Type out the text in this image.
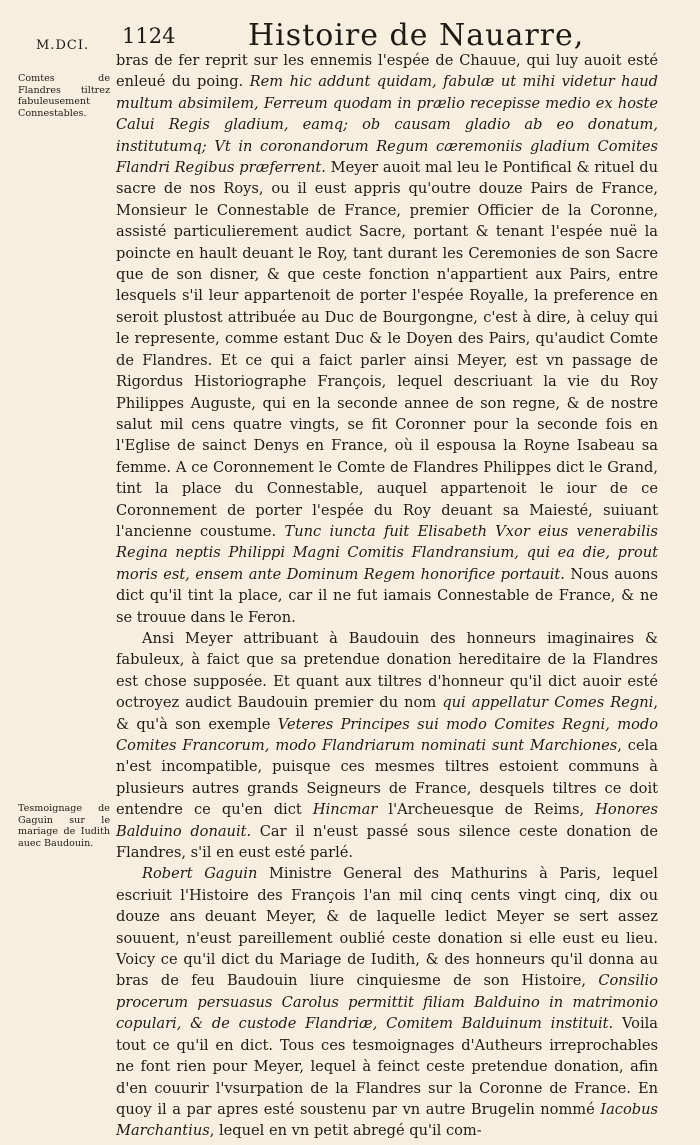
M.DCI. 1124 Histoire de Nauarre,
Comtes de Flandres tiltrez fabuleusement Connestables.
Tesmoignage de Gaguin sur le mariage de Iudith auec Baudouin.

bras de fer reprit sur les ennemis l'espée de Chauue, qui luy auoit esté enleué du poing. Rem hic addunt quidam, fabulæ ut mihi videtur haud multum absimilem, Ferreum quodam in prælio recepisse medio ex hoste Calui Regis gladium, eamq; ob causam gladio ab eo donatum, institutumq; Vt in coronandorum Regum cæremoniis gladium Comites Flandri Regibus præferrent. Meyer auoit mal leu le Pontifical & rituel du sacre de nos Roys, ou il eust appris qu'outre douze Pairs de France, Monsieur le Connestable de France, premier Officier de la Coronne, assisté particulierement audict Sacre, portant & tenant l'espée nuë la poincte en hault deuant le Roy, tant durant les Ceremonies de son Sacre que de son disner, & que ceste fonction n'appartient aux Pairs, entre lesquels s'il leur appartenoit de porter l'espée Royalle, la preference en seroit plustost attribuée au Duc de Bourgongne, c'est à dire, à celuy qui le represente, comme estant Duc & le Doyen des Pairs, qu'audict Comte de Flandres. Et ce qui a faict parler ainsi Meyer, est vn passage de Rigordus Historiographe François, lequel descriuant la vie du Roy Philippes Auguste, qui en la seconde annee de son regne, & de nostre salut mil cens quatre vingts, se fit Coronner pour la seconde fois en l'Eglise de sainct Denys en France, où il espousa la Royne Isabeau sa femme. A ce Coronnement le Comte de Flandres Philippes dict le Grand, tint la place du Connestable, auquel appartenoit le iour de ce Coronnement de porter l'espée du Roy deuant sa Maiesté, suiuant l'ancienne coustume. Tunc iuncta fuit Elisabeth Vxor eius venerabilis Regina neptis Philippi Magni Comitis Flandransium, qui ea die, prout moris est, ensem ante Dominum Regem honorifice portauit. Nous auons dict qu'il tint la place, car il ne fut iamais Connestable de France, & ne se trouue dans le Feron.

Ansi Meyer attribuant à Baudouin des honneurs imaginaires & fabuleux, à faict que sa pretendue donation hereditaire de la Flandres est chose supposée. Et quant aux tiltres d'honneur qu'il dict auoir esté octroyez audict Baudouin premier du nom qui appellatur Comes Regni, & qu'à son exemple Veteres Principes sui modo Comites Regni, modo Comites Francorum, modo Flandriarum nominati sunt Marchiones, cela n'est incompatible, puisque ces mesmes tiltres estoient communs à plusieurs autres grands Seigneurs de France, desquels tiltres ce doit entendre ce qu'en dict Hincmar l'Archeuesque de Reims, Honores Balduino donauit. Car il n'eust passé sous silence ceste donation de Flandres, s'il en eust esté parlé.

Robert Gaguin Ministre General des Mathurins à Paris, lequel escriuit l'Histoire des François l'an mil cinq cents vingt cinq, dix ou douze ans deuant Meyer, & de laquelle ledict Meyer se sert assez souuent, n'eust pareillement oublié ceste donation si elle eust eu lieu. Voicy ce qu'il dict du Mariage de Iudith, & des honneurs qu'il donna au bras de feu Baudouin liure cinquiesme de son Histoire, Consilio procerum persuasus Carolus permittit filiam Balduino in matrimonio copulari, & de custode Flandriæ, Comitem Balduinum instituit. Voila tout ce qu'il en dict. Tous ces tesmoignages d'Autheurs irreprochables ne font rien pour Meyer, lequel à feinct ceste pretendue donation, afin d'en couurir l'vsurpation de la Flandres sur la Coronne de France. En quoy il a par apres esté soustenu par vn autre Brugelin nommé Iacobus Marchantius, lequel en vn petit abregé qu'il com-
